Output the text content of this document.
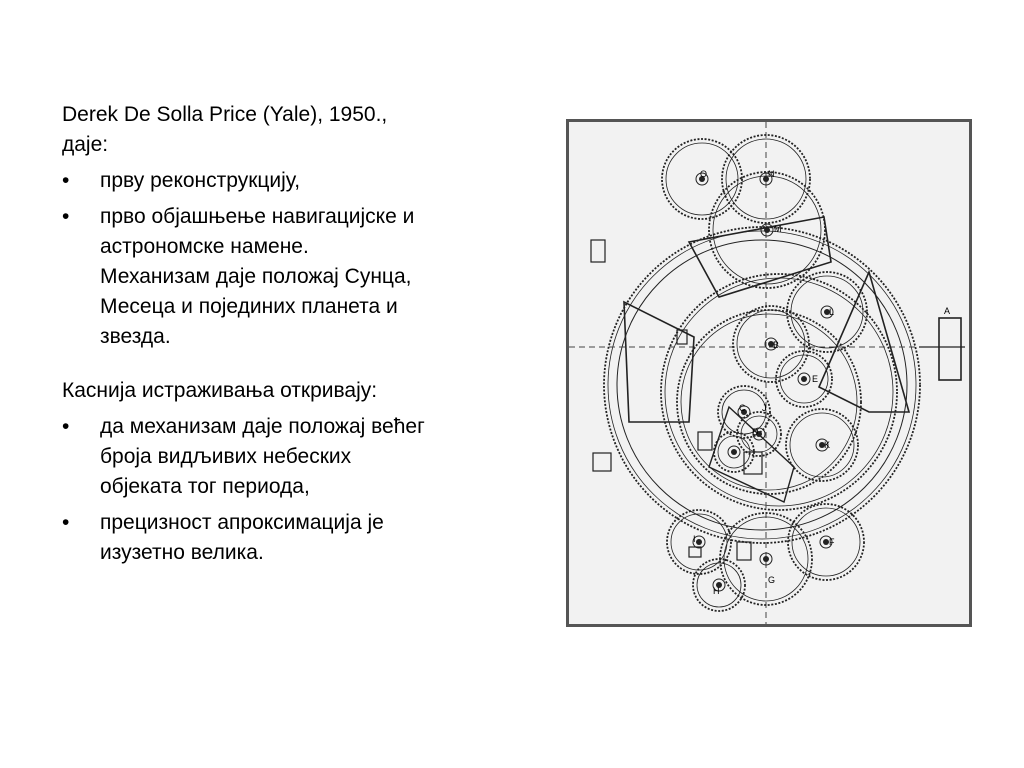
Derek De Solla Price (Yale), 1950.,

даје:

•	прву реконструкцију,
•	прво објашњење навигацијске и
астрономске намене.
Механизам даје положај Сунца,
Месеца и појединих планета и
звезда.

Каснија истраживања откривају:

•	да механизам даје положај већег
броја видљивих небеских
објеката тог периода,
•	прецизност апроксимација је
изузетно велика.
O	N
M
L
B
E
C
D
J
K
A
I	F
H
G
